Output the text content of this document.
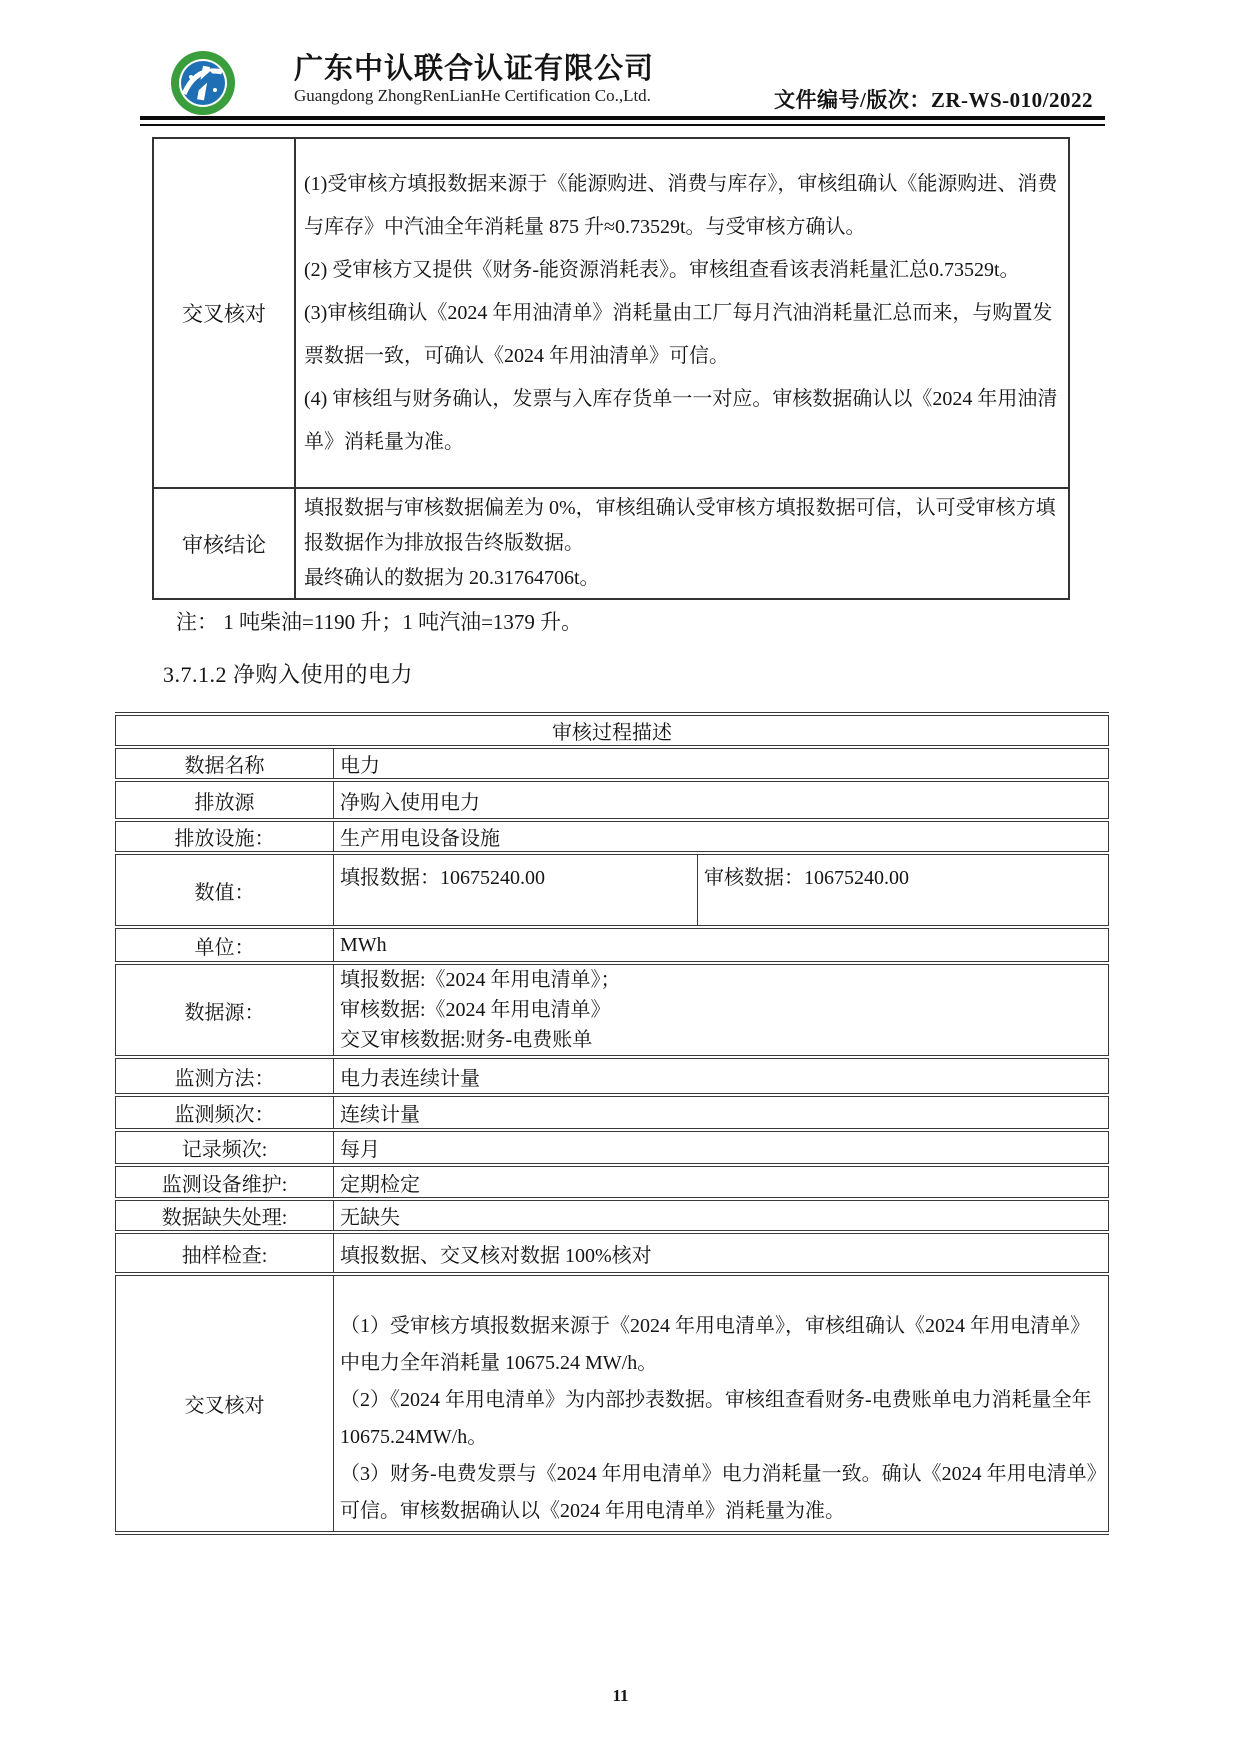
广东中认联合认证有限公司
Guangdong ZhongRenLianHe Certification Co.,Ltd.	文件编号/版次：ZR-WS-010/2022
交叉核对	(1)受审核方填报数据来源于《能源购进、消费与库存》，审核组确认《能源购进、消费与库存》中汽油全年消耗量 875 升≈0.73529t。与受审核方确认。

(2) 受审核方又提供《财务-能资源消耗表》。审核组查看该表消耗量汇总0.73529t。

(3)审核组确认《2024 年用油清单》消耗量由工厂每月汽油消耗量汇总而来，与购置发票数据一致，可确认《2024 年用油清单》可信。

(4) 审核组与财务确认，发票与入库存货单一一对应。审核数据确认以《2024 年用油清单》消耗量为准。

审核结论	填报数据与审核数据偏差为 0%，审核组确认受审核方填报数据可信，认可受审核方填报数据作为排放报告终版数据。

最终确认的数据为 20.31764706t。

注： 1 吨柴油=1190 升；1 吨汽油=1379 升。
3.7.1.2 净购入使用的电力
审核过程描述		
数据名称	电力	
排放源	净购入使用电力	
排放设施：	生产用电设备设施	
数值：	填报数据：10675240.00	审核数据：10675240.00
单位：	MWh	
数据源：	填报数据:《2024 年用电清单》；

审核数据:《2024 年用电清单》

交叉审核数据:财务-电费账单	

监测方法：	电力表连续计量	
监测频次：	连续计量	
记录频次:	每月	
监测设备维护:	定期检定	
数据缺失处理:	无缺失	
抽样检查:	填报数据、交叉核对数据 100%核对	
交叉核对	（1）受审核方填报数据来源于《2024 年用电清单》，审核组确认《2024 年用电清单》中电力全年消耗量 10675.24 MW/h。

（2）《2024 年用电清单》为内部抄表数据。审核组查看财务-电费账单电力消耗量全年 10675.24MW/h。

（3）财务-电费发票与《2024 年用电清单》电力消耗量一致。确认《2024 年用电清单》可信。审核数据确认以《2024 年用电清单》消耗量为准。	

11
